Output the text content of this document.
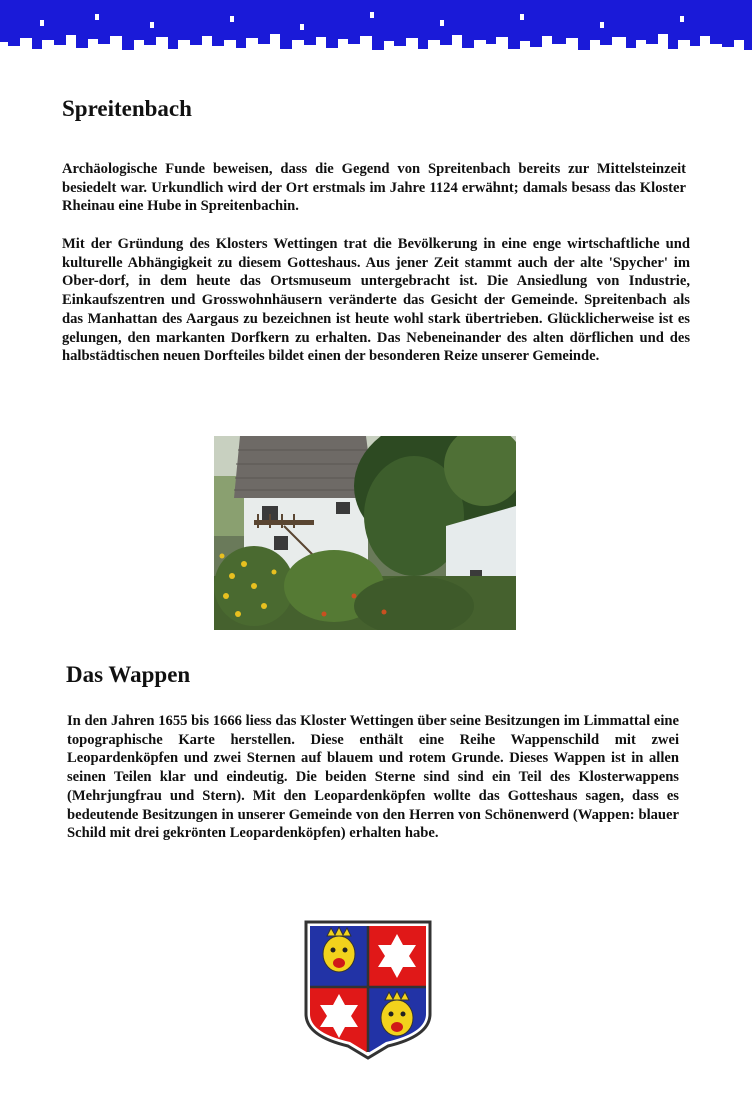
Spreitenbach

Archäologische Funde beweisen, dass die Gegend von Spreitenbach bereits zur Mittelsteinzeit besiedelt war. Urkundlich wird der Ort erstmals im Jahre 1124 erwähnt; damals besass das Kloster Rheinau eine Hube in Spreitenbachin.

Mit der Gründung des Klosters Wettingen trat die Bevölkerung in eine enge wirtschaftliche und kulturelle Abhängigkeit zu diesem Gotteshaus. Aus jener Zeit stammt auch der alte 'Spycher' im Ober-dorf, in dem heute das Ortsmuseum untergebracht ist. Die Ansiedlung von Industrie, Einkaufszentren und Grosswohnhäusern veränderte das Gesicht der Gemeinde. Spreitenbach als das Manhattan des Aargaus zu bezeichnen ist heute wohl stark übertrieben. Glücklicherweise ist es gelungen, den markanten Dorfkern zu erhalten. Das Nebeneinander des alten dörflichen und des halbstädtischen neuen Dorfteiles bildet einen der besonderen Reize unserer Gemeinde.

Das Wappen

In den Jahren 1655 bis 1666 liess das Kloster Wettingen über seine Besitzungen im Limmattal eine topographische Karte herstellen. Diese enthält eine Reihe Wappenschild mit zwei Leopardenköpfen und zwei Sternen auf blauem und rotem Grunde. Dieses Wappen ist in allen seinen Teilen klar und eindeutig. Die beiden Sterne sind sind ein Teil des Klosterwappens (Mehrjungfrau und Stern). Mit den Leopardenköpfen wollte das Gotteshaus sagen, dass es bedeutende Besitzungen in unserer Gemeinde von den Herren von Schönenwerd (Wappen: blauer Schild mit drei gekrönten Leopardenköpfen) erhalten habe.
